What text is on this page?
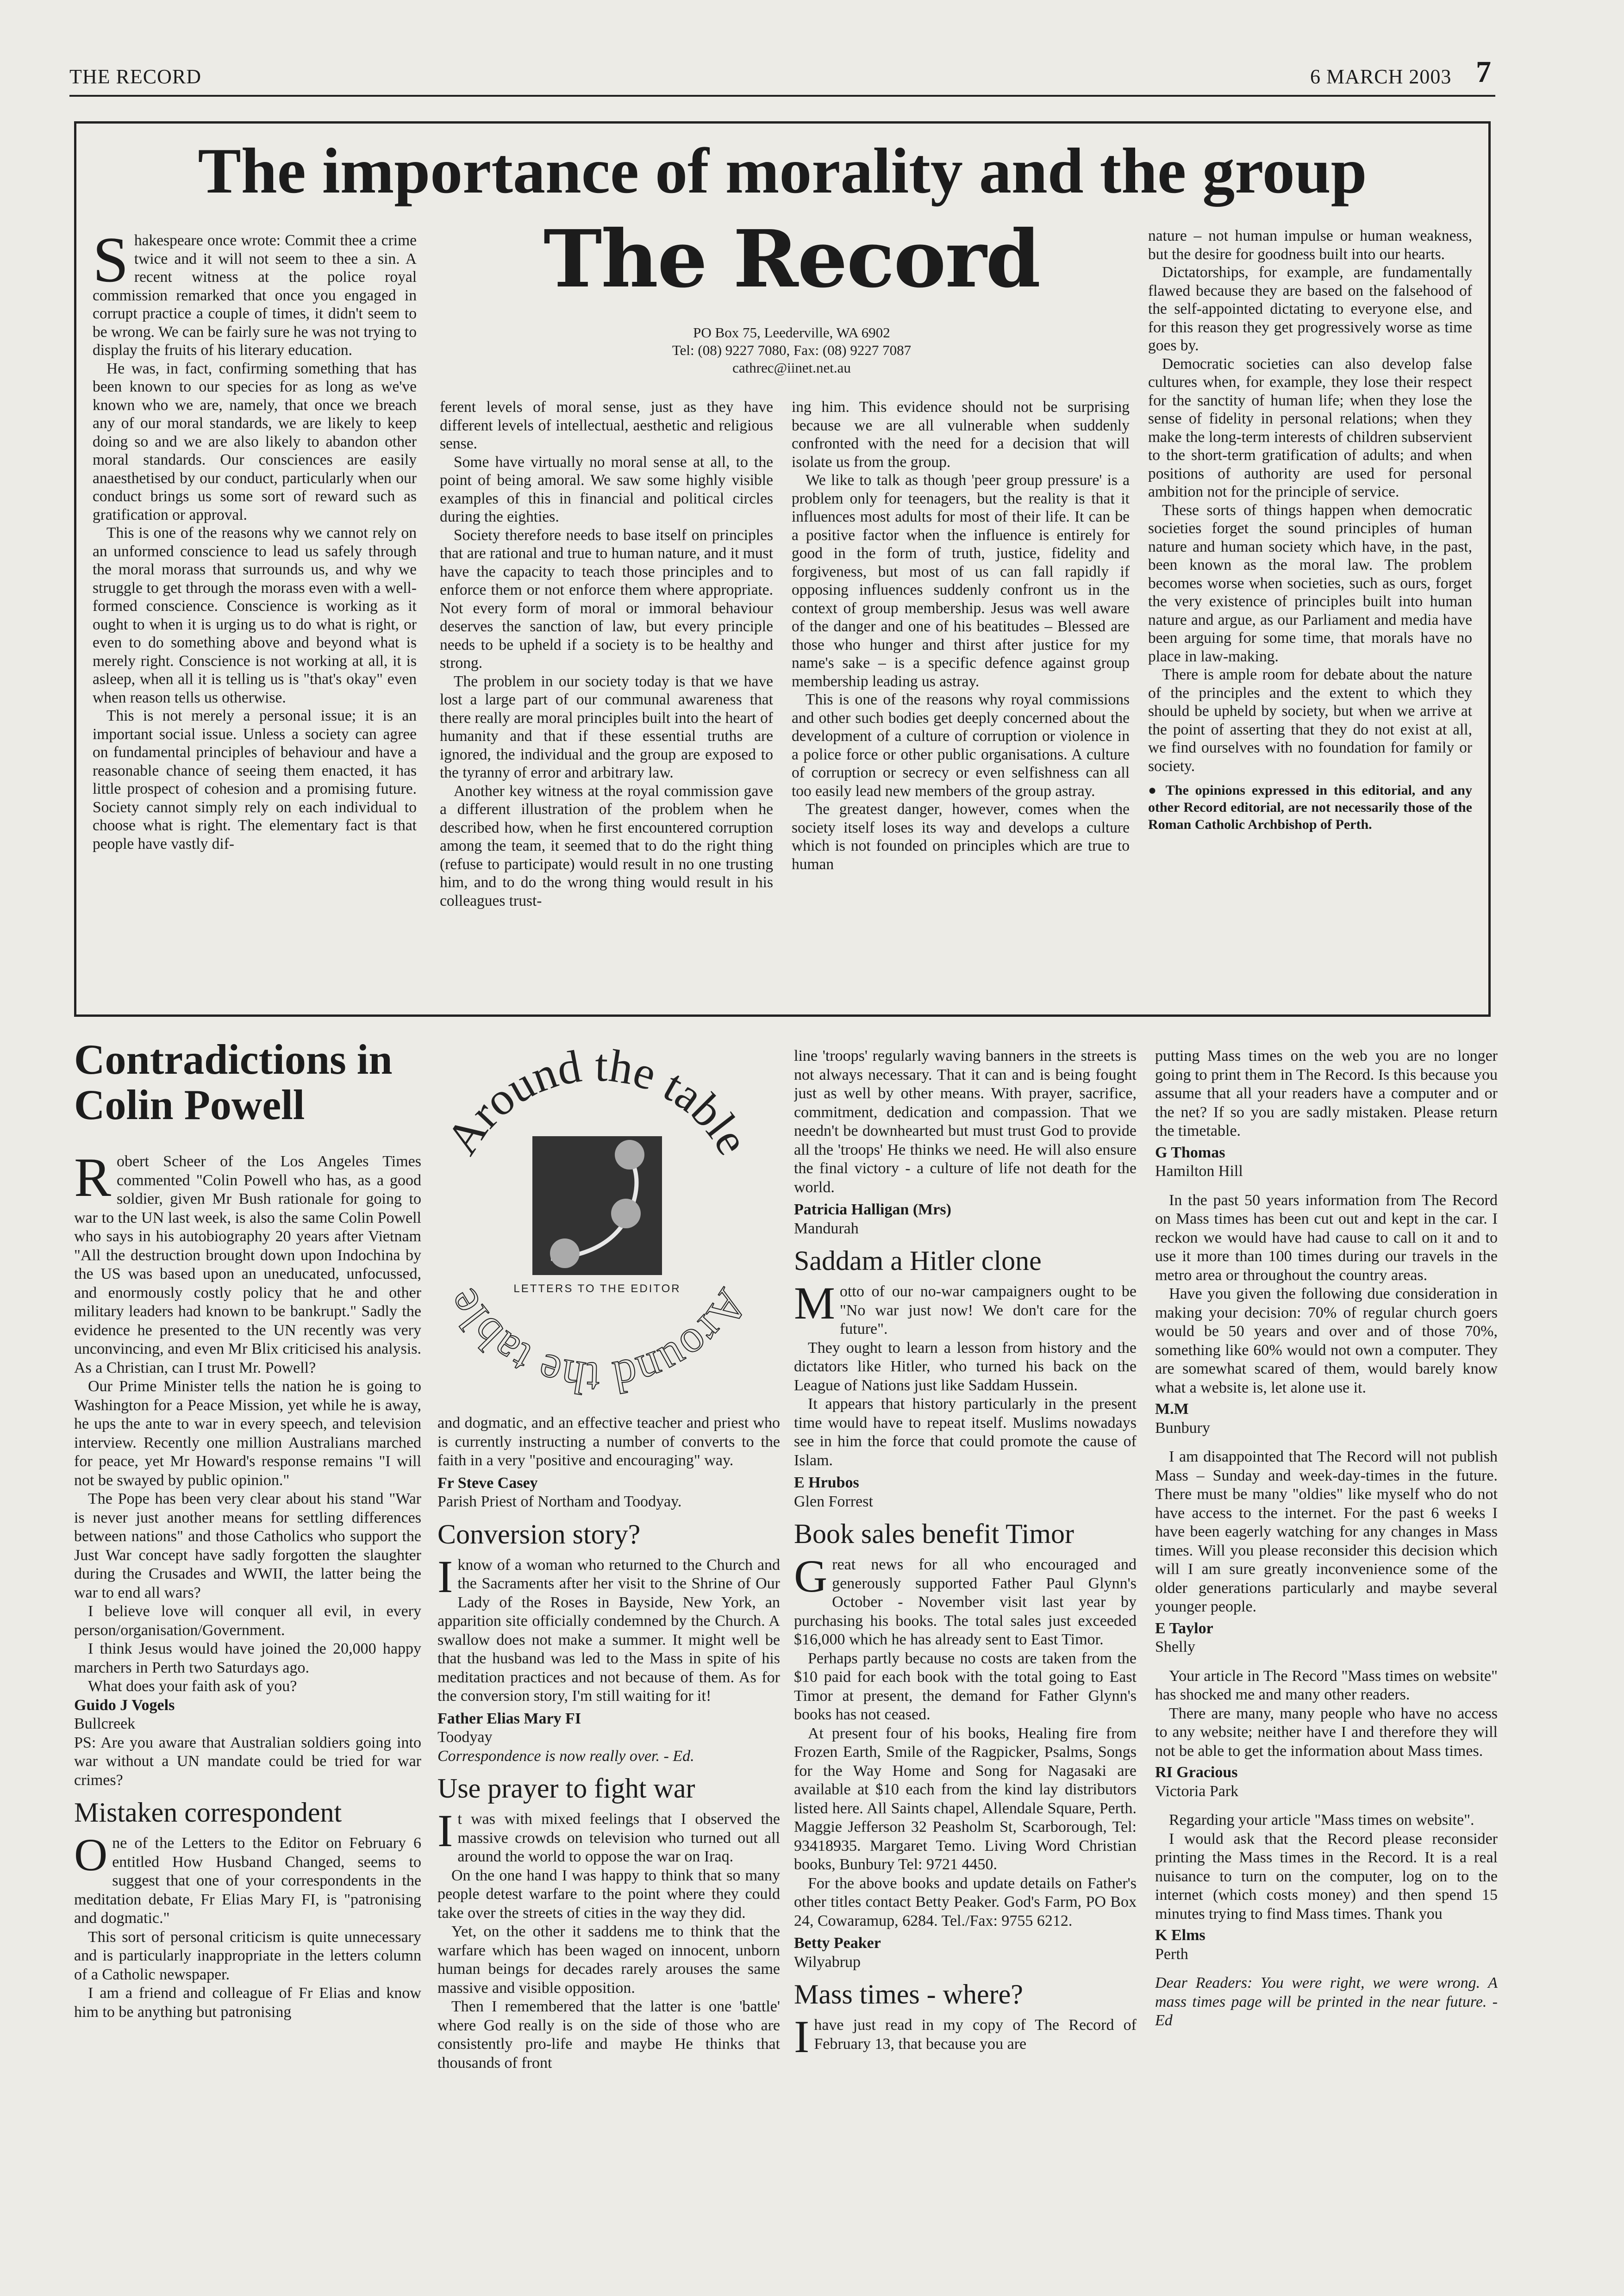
THE RECORD	6 MARCH 2003 7
The importance of morality and the group
The Record
PO Box 75, Leederville, WA 6902
Tel: (08) 9227 7080, Fax: (08) 9227 7087
cathrec@iinet.net.au

Shakespeare once wrote: Commit thee a crime twice and it will not seem to thee a sin. A recent witness at the police royal commission remarked that once you engaged in corrupt practice a couple of times, it didn't seem to be wrong. We can be fairly sure he was not trying to display the fruits of his literary education.

He was, in fact, confirming something that has been known to our species for as long as we've known who we are, namely, that once we breach any of our moral standards, we are likely to keep doing so and we are also likely to abandon other moral standards. Our consciences are easily anaesthetised by our conduct, particularly when our conduct brings us some sort of reward such as gratification or approval.

This is one of the reasons why we cannot rely on an unformed conscience to lead us safely through the moral morass that surrounds us, and why we struggle to get through the morass even with a well-formed conscience. Conscience is working as it ought to when it is urging us to do what is right, or even to do something above and beyond what is merely right. Conscience is not working at all, it is asleep, when all it is telling us is "that's okay" even when reason tells us otherwise.

This is not merely a personal issue; it is an important social issue. Unless a society can agree on fundamental principles of behaviour and have a reasonable chance of seeing them enacted, it has little prospect of cohesion and a promising future. Society cannot simply rely on each individual to choose what is right. The elementary fact is that people have vastly dif-

ferent levels of moral sense, just as they have different levels of intellectual, aesthetic and religious sense.

Some have virtually no moral sense at all, to the point of being amoral. We saw some highly visible examples of this in financial and political circles during the eighties.

Society therefore needs to base itself on principles that are rational and true to human nature, and it must have the capacity to teach those principles and to enforce them or not enforce them where appropriate. Not every form of moral or immoral behaviour deserves the sanction of law, but every principle needs to be upheld if a society is to be healthy and strong.

The problem in our society today is that we have lost a large part of our communal awareness that there really are moral principles built into the heart of humanity and that if these essential truths are ignored, the individual and the group are exposed to the tyranny of error and arbitrary law.

Another key witness at the royal commission gave a different illustration of the problem when he described how, when he first encountered corruption among the team, it seemed that to do the right thing (refuse to participate) would result in no one trusting him, and to do the wrong thing would result in his colleagues trust-

ing him. This evidence should not be surprising because we are all vulnerable when suddenly confronted with the need for a decision that will isolate us from the group.

We like to talk as though 'peer group pressure' is a problem only for teenagers, but the reality is that it influences most adults for most of their life. It can be a positive factor when the influence is entirely for good in the form of truth, justice, fidelity and forgiveness, but most of us can fall rapidly if opposing influences suddenly confront us in the context of group membership. Jesus was well aware of the danger and one of his beatitudes – Blessed are those who hunger and thirst after justice for my name's sake – is a specific defence against group membership leading us astray.

This is one of the reasons why royal commissions and other such bodies get deeply concerned about the development of a culture of corruption or violence in a police force or other public organisations. A culture of corruption or secrecy or even selfishness can all too easily lead new members of the group astray.

The greatest danger, however, comes when the society itself loses its way and develops a culture which is not founded on principles which are true to human

nature – not human impulse or human weakness, but the desire for goodness built into our hearts.

Dictatorships, for example, are fundamentally flawed because they are based on the falsehood of the self-appointed dictating to everyone else, and for this reason they get progressively worse as time goes by.

Democratic societies can also develop false cultures when, for example, they lose their respect for the sanctity of human life; when they lose the sense of fidelity in personal relations; when they make the long-term interests of children subservient to the short-term gratification of adults; and when positions of authority are used for personal ambition not for the principle of service.

These sorts of things happen when democratic societies forget the sound principles of human nature and human society which have, in the past, been known as the moral law. The problem becomes worse when societies, such as ours, forget the very existence of principles built into human nature and argue, as our Parliament and media have been arguing for some time, that morals have no place in law-making.

There is ample room for debate about the nature of the principles and the extent to which they should be upheld by society, but when we arrive at the point of asserting that they do not exist at all, we find ourselves with no foundation for family or society.

● The opinions expressed in this editorial, and any other Record editorial, are not necessarily those of the Roman Catholic Archbishop of Perth.

Around the table
Around the table	LETTERS TO THE EDITOR
Contradictions in Colin Powell

Robert Scheer of the Los Angeles Times commented "Colin Powell who has, as a good soldier, given Mr Bush rationale for going to war to the UN last week, is also the same Colin Powell who says in his autobiography 20 years after Vietnam "All the destruction brought down upon Indochina by the US was based upon an uneducated, unfocussed, and enormously costly policy that he and other military leaders had known to be bankrupt." Sadly the evidence he presented to the UN recently was very unconvincing, and even Mr Blix criticised his analysis. As a Christian, can I trust Mr. Powell?

Our Prime Minister tells the nation he is going to Washington for a Peace Mission, yet while he is away, he ups the ante to war in every speech, and television interview. Recently one million Australians marched for peace, yet Mr Howard's response remains "I will not be swayed by public opinion."

The Pope has been very clear about his stand "War is never just another means for settling differences between nations" and those Catholics who support the Just War concept have sadly forgotten the slaughter during the Crusades and WWII, the latter being the war to end all wars?

I believe love will conquer all evil, in every person/organisation/Government.

I think Jesus would have joined the 20,000 happy marchers in Perth two Saturdays ago.

What does your faith ask of you?

Guido J Vogels

Bullcreek

PS: Are you aware that Australian soldiers going into war without a UN mandate could be tried for war crimes?

Mistaken correspondent

One of the Letters to the Editor on February 6 entitled How Husband Changed, seems to suggest that one of your correspondents in the meditation debate, Fr Elias Mary FI, is "patronising and dogmatic."

This sort of personal criticism is quite unnecessary and is particularly inappropriate in the letters column of a Catholic newspaper.

I am a friend and colleague of Fr Elias and know him to be anything but patronising

and dogmatic, and an effective teacher and priest who is currently instructing a number of converts to the faith in a very "positive and encouraging" way.

Fr Steve Casey

Parish Priest of Northam and Toodyay.

Conversion story?

I know of a woman who returned to the Church and the Sacraments after her visit to the Shrine of Our Lady of the Roses in Bayside, New York, an apparition site officially condemned by the Church. A swallow does not make a summer. It might well be that the husband was led to the Mass in spite of his meditation practices and not because of them. As for the conversion story, I'm still waiting for it!

Father Elias Mary FI

Toodyay

Correspondence is now really over. - Ed.

Use prayer to fight war

It was with mixed feelings that I observed the massive crowds on television who turned out all around the world to oppose the war on Iraq.

On the one hand I was happy to think that so many people detest warfare to the point where they could take over the streets of cities in the way they did.

Yet, on the other it saddens me to think that the warfare which has been waged on innocent, unborn human beings for decades rarely arouses the same massive and visible opposition.

Then I remembered that the latter is one 'battle' where God really is on the side of those who are consistently pro-life and maybe He thinks that thousands of front

line 'troops' regularly waving banners in the streets is not always necessary. That it can and is being fought just as well by other means. With prayer, sacrifice, commitment, dedication and compassion. That we needn't be downhearted but must trust God to provide all the 'troops' He thinks we need. He will also ensure the final victory - a culture of life not death for the world.

Patricia Halligan (Mrs)

Mandurah

Saddam a Hitler clone

Motto of our no-war campaigners ought to be "No war just now! We don't care for the future".

They ought to learn a lesson from history and the dictators like Hitler, who turned his back on the League of Nations just like Saddam Hussein.

It appears that history particularly in the present time would have to repeat itself. Muslims nowadays see in him the force that could promote the cause of Islam.

E Hrubos

Glen Forrest

Book sales benefit Timor

Great news for all who encouraged and generously supported Father Paul Glynn's October - November visit last year by purchasing his books. The total sales just exceeded $16,000 which he has already sent to East Timor.

Perhaps partly because no costs are taken from the $10 paid for each book with the total going to East Timor at present, the demand for Father Glynn's books has not ceased.

At present four of his books, Healing fire from Frozen Earth, Smile of the Ragpicker, Psalms, Songs for the Way Home and Song for Nagasaki are available at $10 each from the kind lay distributors listed here. All Saints chapel, Allendale Square, Perth. Maggie Jefferson 32 Peasholm St, Scarborough, Tel: 93418935. Margaret Temo. Living Word Christian books, Bunbury Tel: 9721 4450.

For the above books and update details on Father's other titles contact Betty Peaker. God's Farm, PO Box 24, Cowaramup, 6284. Tel./Fax: 9755 6212.

Betty Peaker

Wilyabrup

Mass times - where?

I have just read in my copy of The Record of February 13, that because you are

putting Mass times on the web you are no longer going to print them in The Record. Is this because you assume that all your readers have a computer and or the net? If so you are sadly mistaken. Please return the timetable.

G Thomas

Hamilton Hill

In the past 50 years information from The Record on Mass times has been cut out and kept in the car. I reckon we would have had cause to call on it and to use it more than 100 times during our travels in the metro area or throughout the country areas.

Have you given the following due consideration in making your decision: 70% of regular church goers would be 50 years and over and of those 70%, something like 60% would not own a computer. They are somewhat scared of them, would barely know what a website is, let alone use it.

M.M

Bunbury

I am disappointed that The Record will not publish Mass – Sunday and week-day-times in the future. There must be many "oldies" like myself who do not have access to the internet. For the past 6 weeks I have been eagerly watching for any changes in Mass times. Will you please reconsider this decision which will I am sure greatly inconvenience some of the older generations particularly and maybe several younger people.

E Taylor

Shelly

Your article in The Record "Mass times on website" has shocked me and many other readers.

There are many, many people who have no access to any website; neither have I and therefore they will not be able to get the information about Mass times.

RI Gracious

Victoria Park

Regarding your article "Mass times on website".

I would ask that the Record please reconsider printing the Mass times in the Record. It is a real nuisance to turn on the computer, log on to the internet (which costs money) and then spend 15 minutes trying to find Mass times. Thank you

K Elms

Perth

Dear Readers: You were right, we were wrong. A mass times page will be printed in the near future. - Ed
